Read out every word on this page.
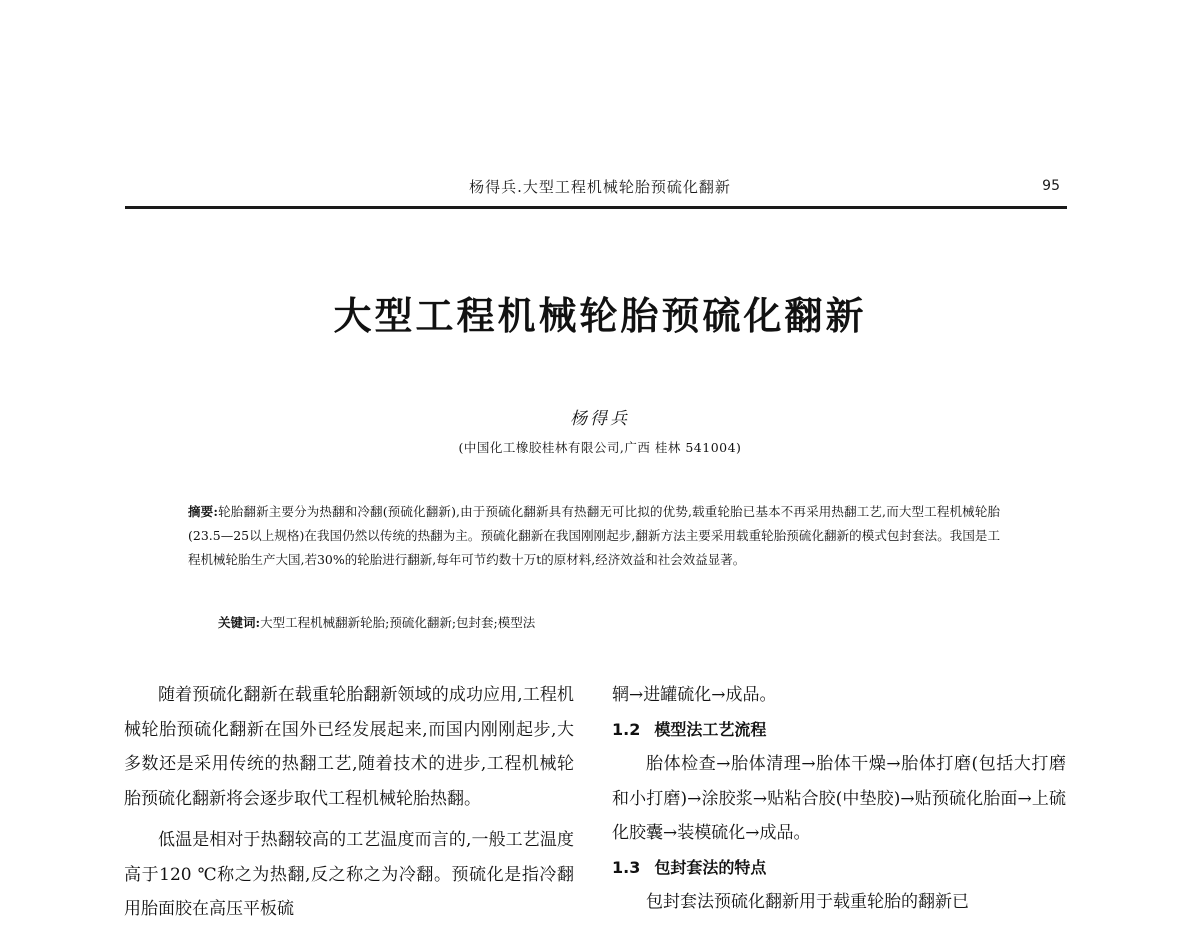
杨得兵.大型工程机械轮胎预硫化翻新	95
大型工程机械轮胎预硫化翻新
杨得兵
(中国化工橡胶桂林有限公司,广西 桂林 541004)
摘要:轮胎翻新主要分为热翻和冷翻(预硫化翻新),由于预硫化翻新具有热翻无可比拟的优势,载重轮胎已基本不再采用热翻工艺,而大型工程机械轮胎(23.5—25以上规格)在我国仍然以传统的热翻为主。预硫化翻新在我国刚刚起步,翻新方法主要采用载重轮胎预硫化翻新的模式包封套法。我国是工程机械轮胎生产大国,若30%的轮胎进行翻新,每年可节约数十万t的原材料,经济效益和社会效益显著。
关键词:大型工程机械翻新轮胎;预硫化翻新;包封套;模型法

随着预硫化翻新在载重轮胎翻新领域的成功应用,工程机械轮胎预硫化翻新在国外已经发展起来,而国内刚刚起步,大多数还是采用传统的热翻工艺,随着技术的进步,工程机械轮胎预硫化翻新将会逐步取代工程机械轮胎热翻。

低温是相对于热翻较高的工艺温度而言的,一般工艺温度高于120 ℃称之为热翻,反之称之为冷翻。预硫化是指冷翻用胎面胶在高压平板硫

辋→进罐硫化→成品。

1.2 模型法工艺流程

胎体检查→胎体清理→胎体干燥→胎体打磨(包括大打磨和小打磨)→涂胶浆→贴粘合胶(中垫胶)→贴预硫化胎面→上硫化胶囊→装模硫化→成品。

1.3 包封套法的特点

包封套法预硫化翻新用于载重轮胎的翻新已
